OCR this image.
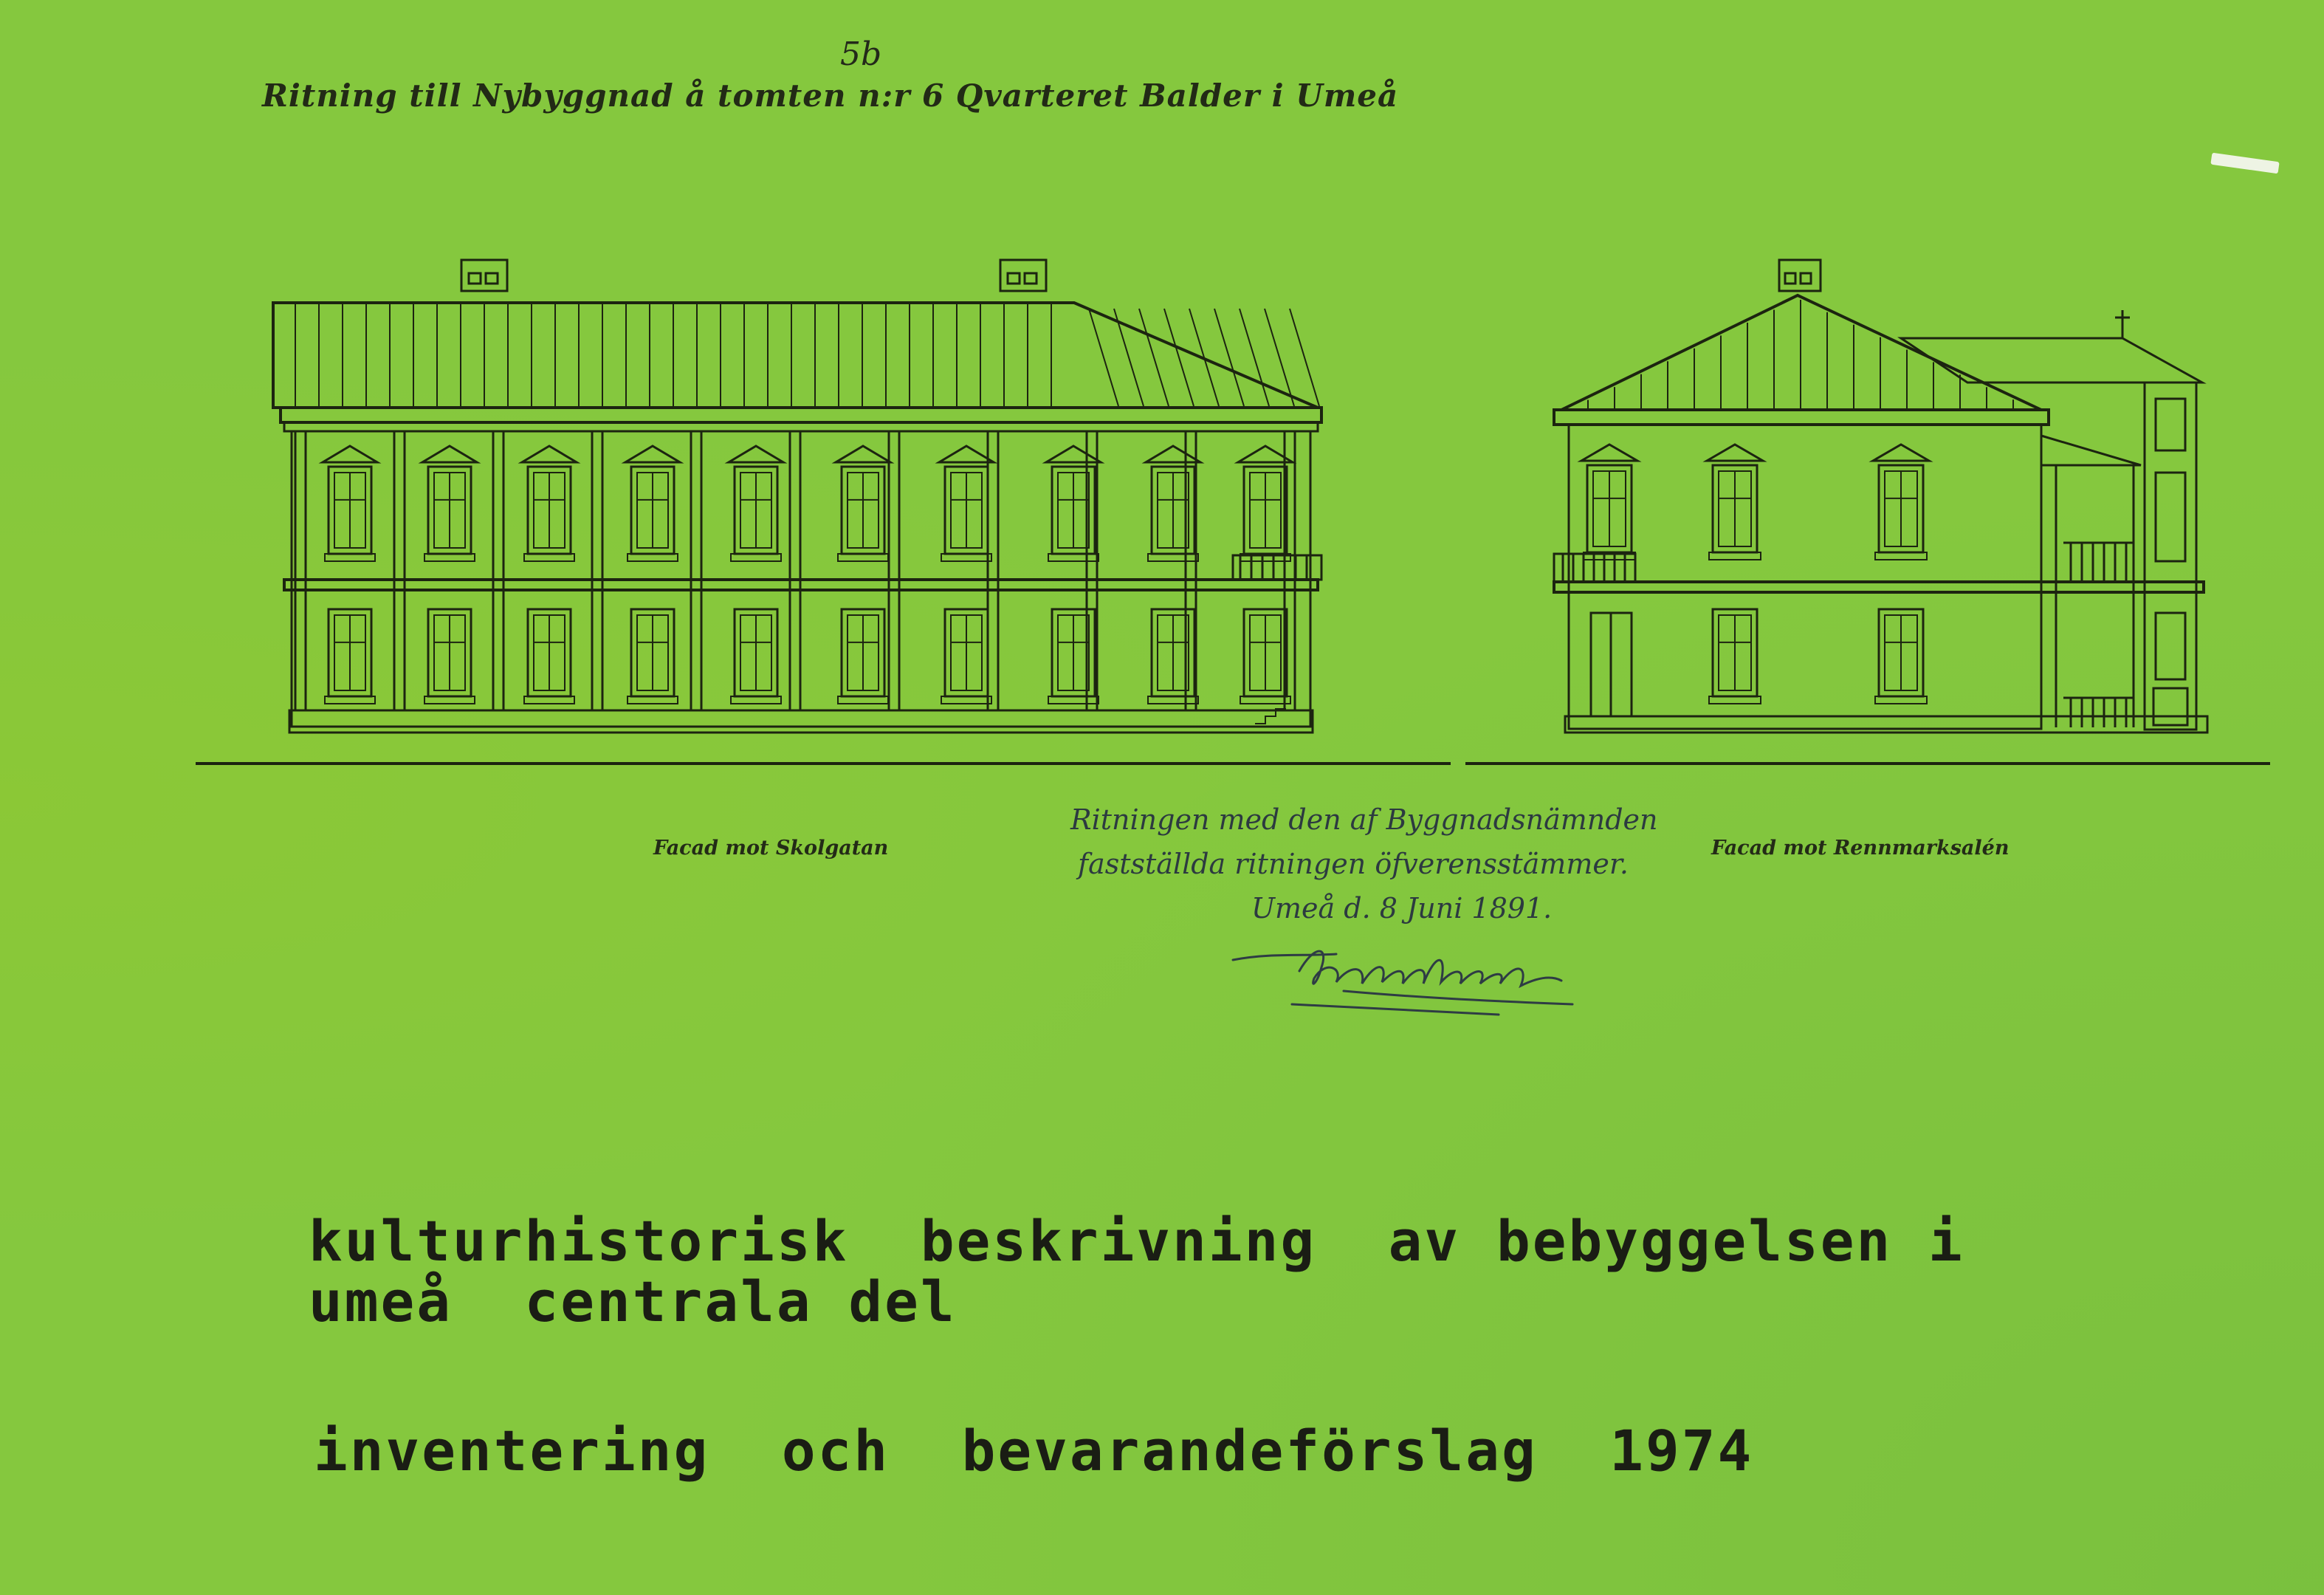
5b
Ritning till Nybyggnad å tomten n:r 6 Qvarteret Balder i Umeå
Facad mot Skolgatan	Facad mot Rennmarksalén
Ritningen med den af Byggnadsnämnden
fastställda ritningen öfverensstämmer.
Umeå d. 8 Juni 1891.
kulturhistorisk  beskrivning  av bebyggelsen i
umeå  centrala del
inventering  och  bevarandeförslag  1974
